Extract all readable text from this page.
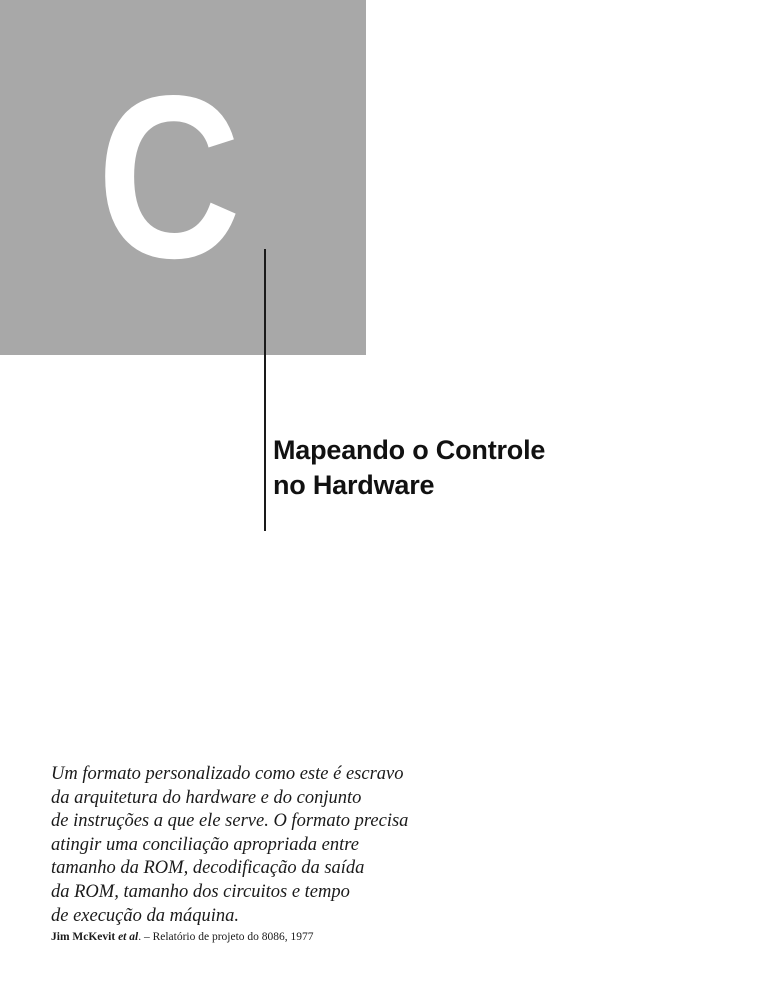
C
Mapeando o Controle
no Hardware

Um formato personalizado como este é escravo
da arquitetura do hardware e do conjunto
de instruções a que ele serve. O formato precisa
atingir uma conciliação apropriada entre
tamanho da ROM, decodificação da saída
da ROM, tamanho dos circuitos e tempo
de execução da máquina.

Jim McKevit et al. – Relatório de projeto do 8086, 1977
